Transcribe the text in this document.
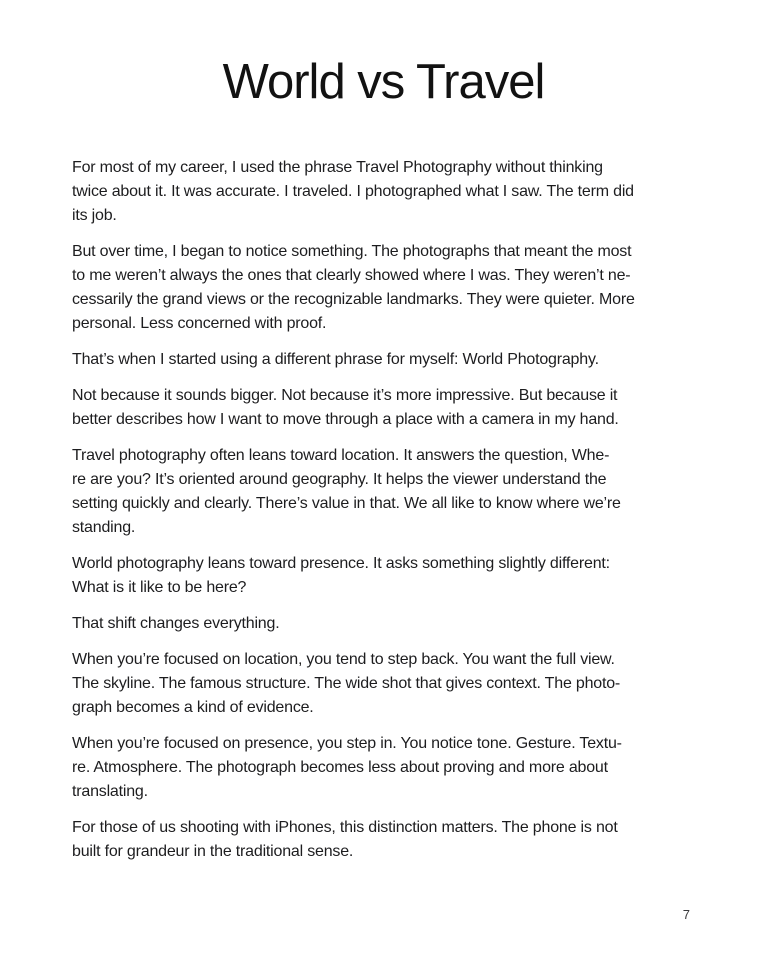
World vs Travel

For most of my career, I used the phrase Travel Photography without thinking
twice about it. It was accurate. I traveled. I photographed what I saw. The term did
its job.

But over time, I began to notice something. The photographs that meant the most
to me weren’t always the ones that clearly showed where I was. They weren’t ne-
cessarily the grand views or the recognizable landmarks. They were quieter. More
personal. Less concerned with proof.

That’s when I started using a different phrase for myself: World Photography.

Not because it sounds bigger. Not because it’s more impressive. But because it
better describes how I want to move through a place with a camera in my hand.

Travel photography often leans toward location. It answers the question, Whe-
re are you? It’s oriented around geography. It helps the viewer understand the
setting quickly and clearly. There’s value in that. We all like to know where we’re
standing.

World photography leans toward presence. It asks something slightly different:
What is it like to be here?

That shift changes everything.

When you’re focused on location, you tend to step back. You want the full view.
The skyline. The famous structure. The wide shot that gives context. The photo-
graph becomes a kind of evidence.

When you’re focused on presence, you step in. You notice tone. Gesture. Textu-
re. Atmosphere. The photograph becomes less about proving and more about
translating.

For those of us shooting with iPhones, this distinction matters. The phone is not
built for grandeur in the traditional sense.

7
